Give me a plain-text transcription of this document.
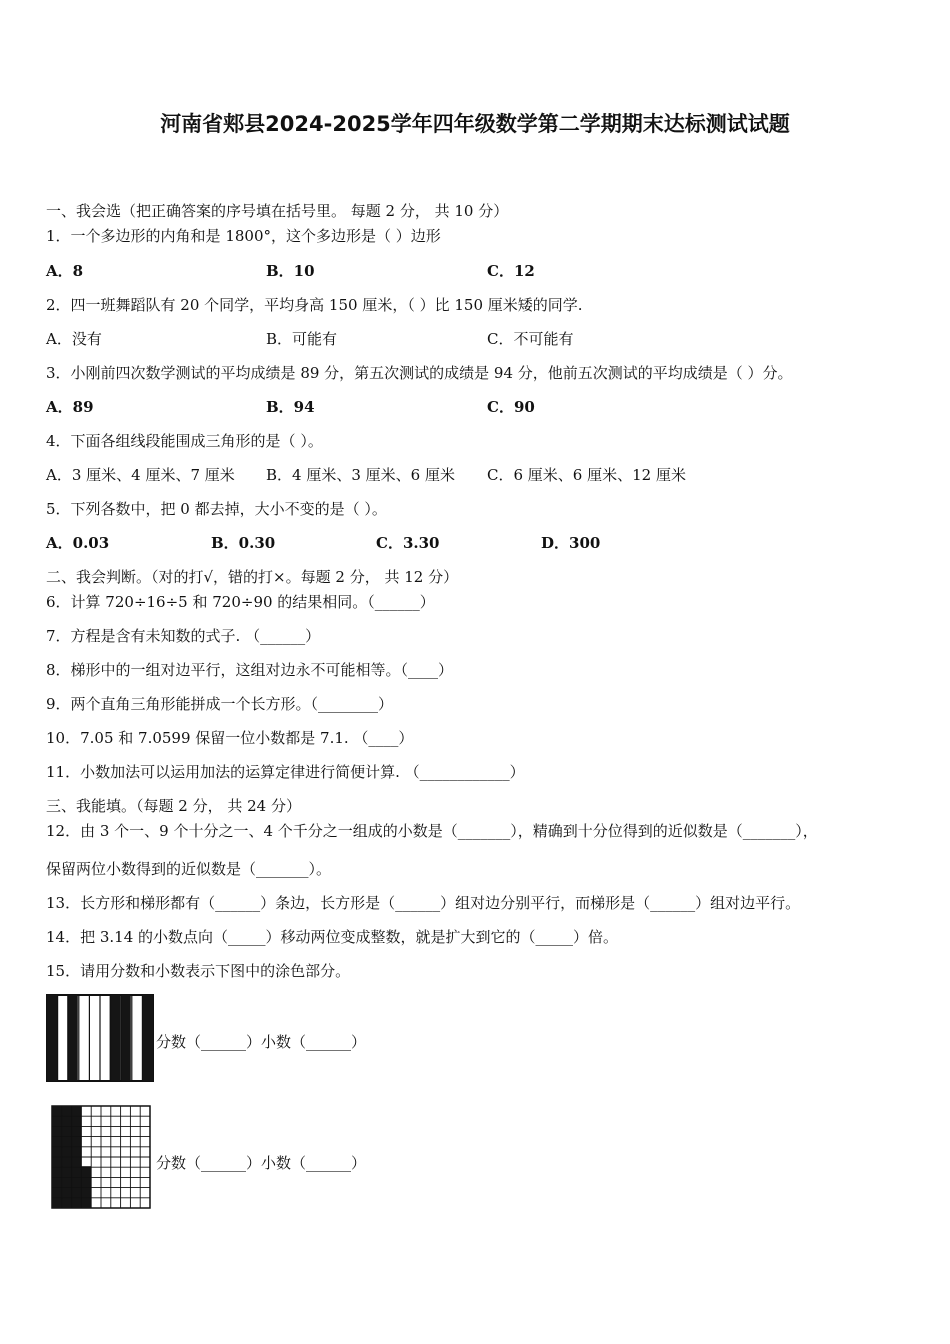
河南省郏县2024-2025学年四年级数学第二学期期末达标测试试题
一、我会选（把正确答案的序号填在括号里。 每题 2 分， 共 10 分）
1．一个多边形的内角和是 1800°，这个多边形是（ ）边形
A．8	B．10	C．12
2．四一班舞蹈队有 20 个同学，平均身高 150 厘米，（ ）比 150 厘米矮的同学.
A．没有	B．可能有	C．不可能有
3．小刚前四次数学测试的平均成绩是 89 分，第五次测试的成绩是 94 分，他前五次测试的平均成绩是（ ）分。
A．89	B．94	C．90
4．下面各组线段能围成三角形的是（ ）。
A．3 厘米、4 厘米、7 厘米 B．4 厘米、3 厘米、6 厘米 C．6 厘米、6 厘米、12 厘米
5．下列各数中，把 0 都去掉，大小不变的是（ ）。
A．0.03	B．0.30	C．3.30	D．300
二、我会判断。（对的打√，错的打×。每题 2 分， 共 12 分）
6．计算 720÷16÷5 和 720÷90 的结果相同。（______）
7．方程是含有未知数的式子. （______）
8．梯形中的一组对边平行，这组对边永不可能相等。（____）
9．两个直角三角形能拼成一个长方形。（________）
10．7.05 和 7.0599 保留一位小数都是 7.1. （____）
11．小数加法可以运用加法的运算定律进行简便计算. （____________）
三、我能填。（每题 2 分， 共 24 分）
12．由 3 个一、9 个十分之一、4 个千分之一组成的小数是（_______），精确到十分位得到的近似数是（_______），
保留两位小数得到的近似数是（_______）。
13．长方形和梯形都有（______）条边，长方形是（______）组对边分别平行，而梯形是（______）组对边平行。
14．把 3.14 的小数点向（_____）移动两位变成整数，就是扩大到它的（_____）倍。
15．请用分数和小数表示下图中的涂色部分。
分数（______）小数（______）
分数（______）小数（______）
